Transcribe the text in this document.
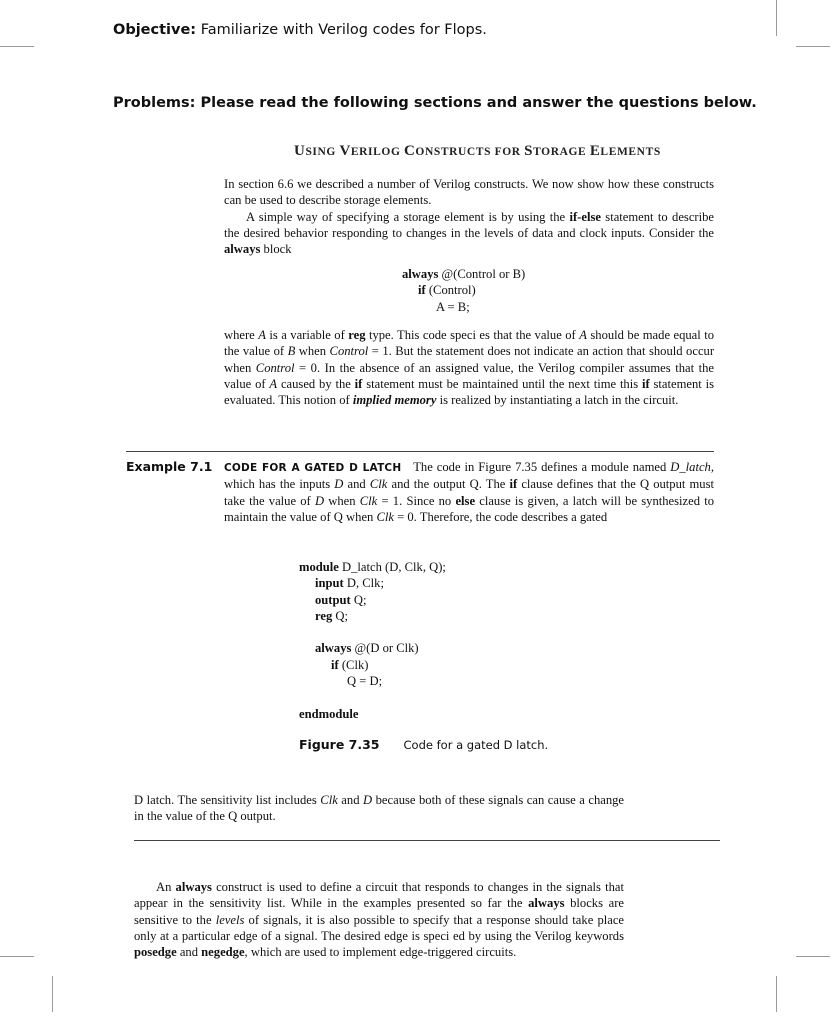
Objective: Familiarize with Verilog codes for Flops.
Problems: Please read the following sections and answer the questions below.
USING VERILOG CONSTRUCTS FOR STORAGE ELEMENTS

In section 6.6 we described a number of Verilog constructs. We now show how these constructs can be used to describe storage elements.

A simple way of specifying a storage element is by using the if-else statement to describe the desired behavior responding to changes in the levels of data and clock inputs. Consider the always block

always @(Control or B)
if (Control)
A = B;

where A is a variable of reg type. This code speci es that the value of A should be made equal to the value of B when Control = 1. But the statement does not indicate an action that should occur when Control = 0. In the absence of an assigned value, the Verilog compiler assumes that the value of A caused by the if statement must be maintained until the next time this if statement is evaluated. This notion of implied memory is realized by instantiating a latch in the circuit.

Example 7.1 CODE FOR A GATED D LATCH The code in Figure 7.35 defines a module named D_latch, which has the inputs D and Clk and the output Q. The if clause defines that the Q output must take the value of D when Clk = 1. Since no else clause is given, a latch will be synthesized to maintain the value of Q when Clk = 0. Therefore, the code describes a gated

module D_latch (D, Clk, Q);
input D, Clk;
output Q;
reg Q;

always @(D or Clk)
if (Clk)
Q = D;

endmodule
Figure 7.35 Code for a gated D latch.

D latch. The sensitivity list includes Clk and D because both of these signals can cause a change in the value of the Q output.

An always construct is used to define a circuit that responds to changes in the signals that appear in the sensitivity list. While in the examples presented so far the always blocks are sensitive to the levels of signals, it is also possible to specify that a response should take place only at a particular edge of a signal. The desired edge is speci ed by using the Verilog keywords posedge and negedge, which are used to implement edge-triggered circuits.
